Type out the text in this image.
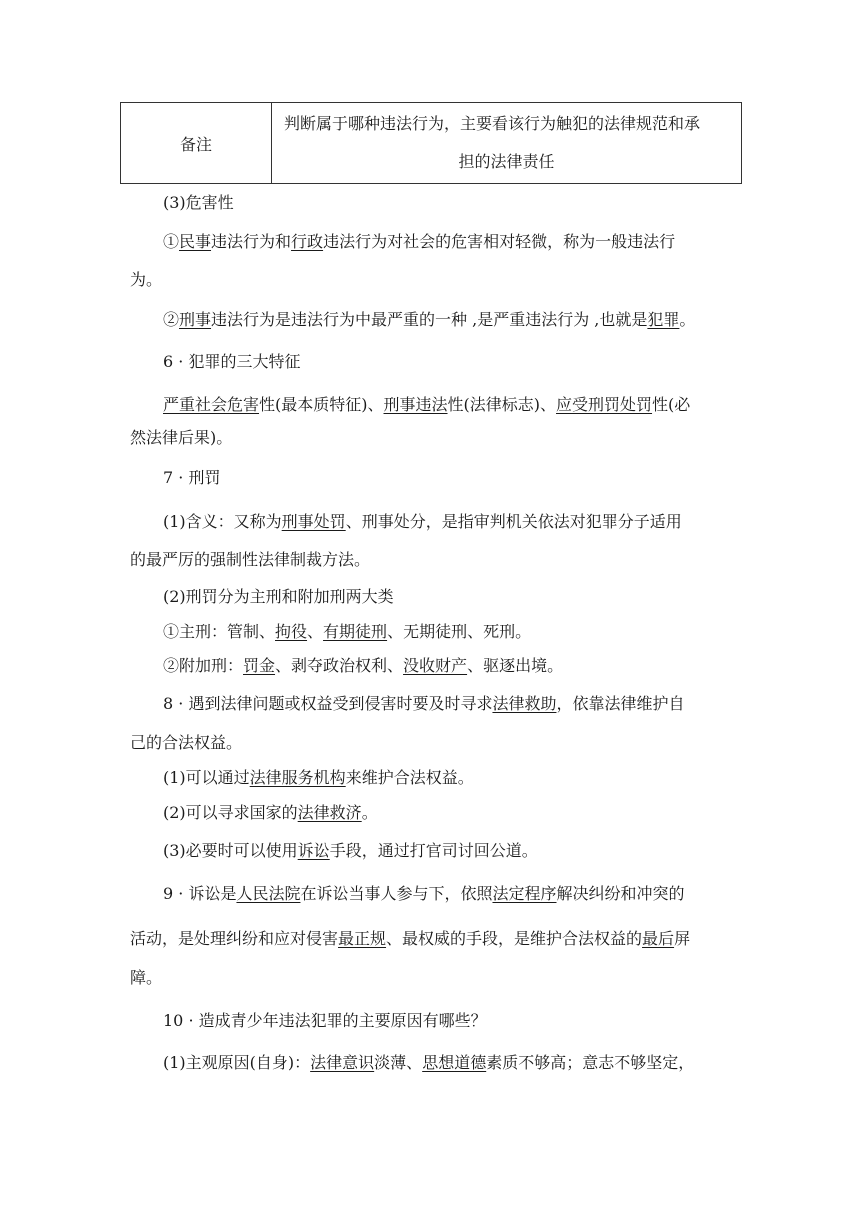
备注	判断属于哪种违法行为，主要看该行为触犯的法律规范和承
担的法律责任
(3)危害性
①民事违法行为和行政违法行为对社会的危害相对轻微，称为一般违法行
为。
②刑事违法行为是违法行为中最严重的一种 ,是严重违法行为 ,也就是犯罪。
6 · 犯罪的三大特征
严重社会危害性(最本质特征)、刑事违法性(法律标志)、应受刑罚处罚性(必
然法律后果)。
7 · 刑罚
(1)含义：又称为刑事处罚、刑事处分，是指审判机关依法对犯罪分子适用
的最严厉的强制性法律制裁方法。
(2)刑罚分为主刑和附加刑两大类
①主刑：管制、拘役、有期徒刑、无期徒刑、死刑。
②附加刑：罚金、剥夺政治权利、没收财产、驱逐出境。
8 · 遇到法律问题或权益受到侵害时要及时寻求法律救助，依靠法律维护自
己的合法权益。
(1)可以通过法律服务机构来维护合法权益。
(2)可以寻求国家的法律救济。
(3)必要时可以使用诉讼手段，通过打官司讨回公道。
9 · 诉讼是人民法院在诉讼当事人参与下，依照法定程序解决纠纷和冲突的
活动，是处理纠纷和应对侵害最正规、最权威的手段，是维护合法权益的最后屏
障。
10 · 造成青少年违法犯罪的主要原因有哪些？
(1)主观原因(自身)：法律意识淡薄、思想道德素质不够高；意志不够坚定，
